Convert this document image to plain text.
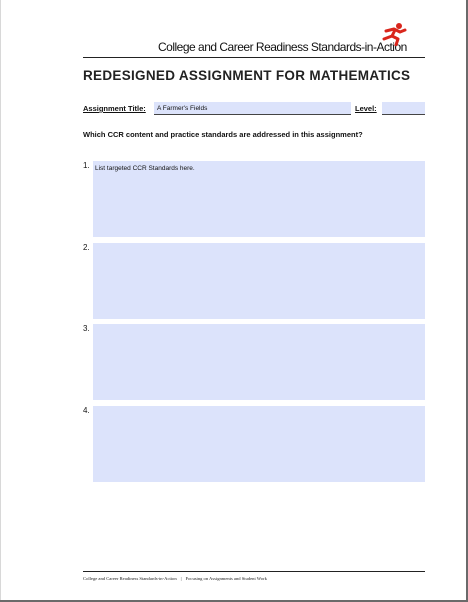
College and Career Readiness Standards-in-Action
REDESIGNED ASSIGNMENT FOR MATHEMATICS
Assignment Title:	A Farmer's Fields	Level:
Which CCR content and practice standards are addressed in this assignment?
1. List targeted CCR Standards here.
2.
3.
4.
College and Career Readiness Standards-in-Action | Focusing on Assignments and Student Work
